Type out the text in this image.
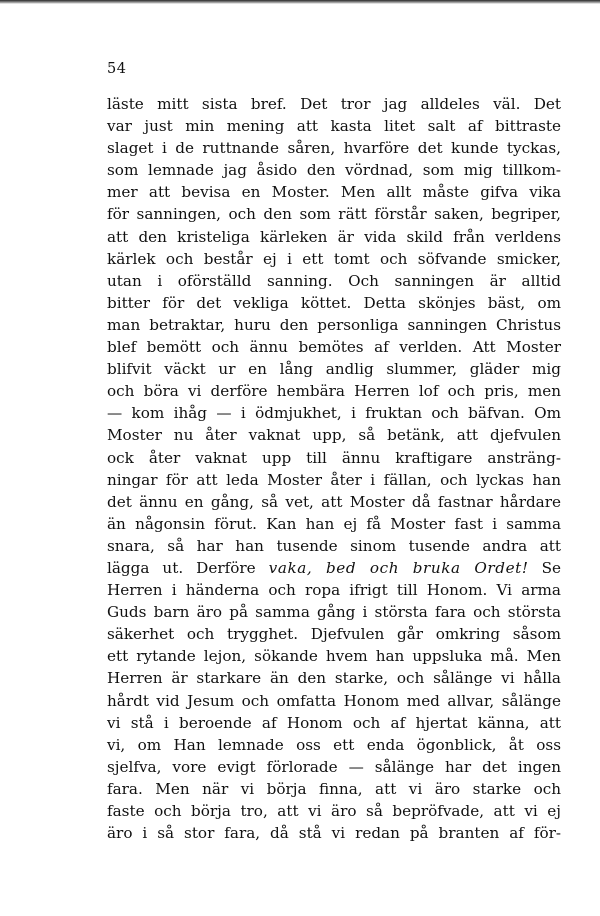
54
läste mitt sista bref. Det tror jag alldeles väl. Det
var just min mening att kasta litet salt af bittraste
slaget i de ruttnande såren, hvarföre det kunde tyckas,
som lemnade jag åsido den vördnad, som mig tillkom-
mer att bevisa en Moster. Men allt måste gifva vika
för sanningen, och den som rätt förstår saken, begriper,
att den kristeliga kärleken är vida skild från verldens
kärlek och består ej i ett tomt och söfvande smicker,
utan i oförställd sanning. Och sanningen är alltid
bitter för det vekliga köttet. Detta skönjes bäst, om
man betraktar, huru den personliga sanningen Christus
blef bemött och ännu bemötes af verlden. Att Moster
blifvit väckt ur en lång andlig slummer, gläder mig
och böra vi derföre hembära Herren lof och pris, men
— kom ihåg — i ödmjukhet, i fruktan och bäfvan. Om
Moster nu åter vaknat upp, så betänk, att djefvulen
ock åter vaknat upp till ännu kraftigare ansträng-
ningar för att leda Moster åter i fällan, och lyckas han
det ännu en gång, så vet, att Moster då fastnar hårdare
än någonsin förut. Kan han ej få Moster fast i samma
snara, så har han tusende sinom tusende andra att
lägga ut. Derföre vaka, bed och bruka Ordet! Se
Herren i händerna och ropa ifrigt till Honom. Vi arma
Guds barn äro på samma gång i största fara och största
säkerhet och trygghet. Djefvulen går omkring såsom
ett rytande lejon, sökande hvem han uppsluka må. Men
Herren är starkare än den starke, och sålänge vi hålla
hårdt vid Jesum och omfatta Honom med allvar, sålänge
vi stå i beroende af Honom och af hjertat känna, att
vi, om Han lemnade oss ett enda ögonblick, åt oss
sjelfva, vore evigt förlorade — sålänge har det ingen
fara. Men när vi börja finna, att vi äro starke och
faste och börja tro, att vi äro så bepröfvade, att vi ej
äro i så stor fara, då stå vi redan på branten af för-
